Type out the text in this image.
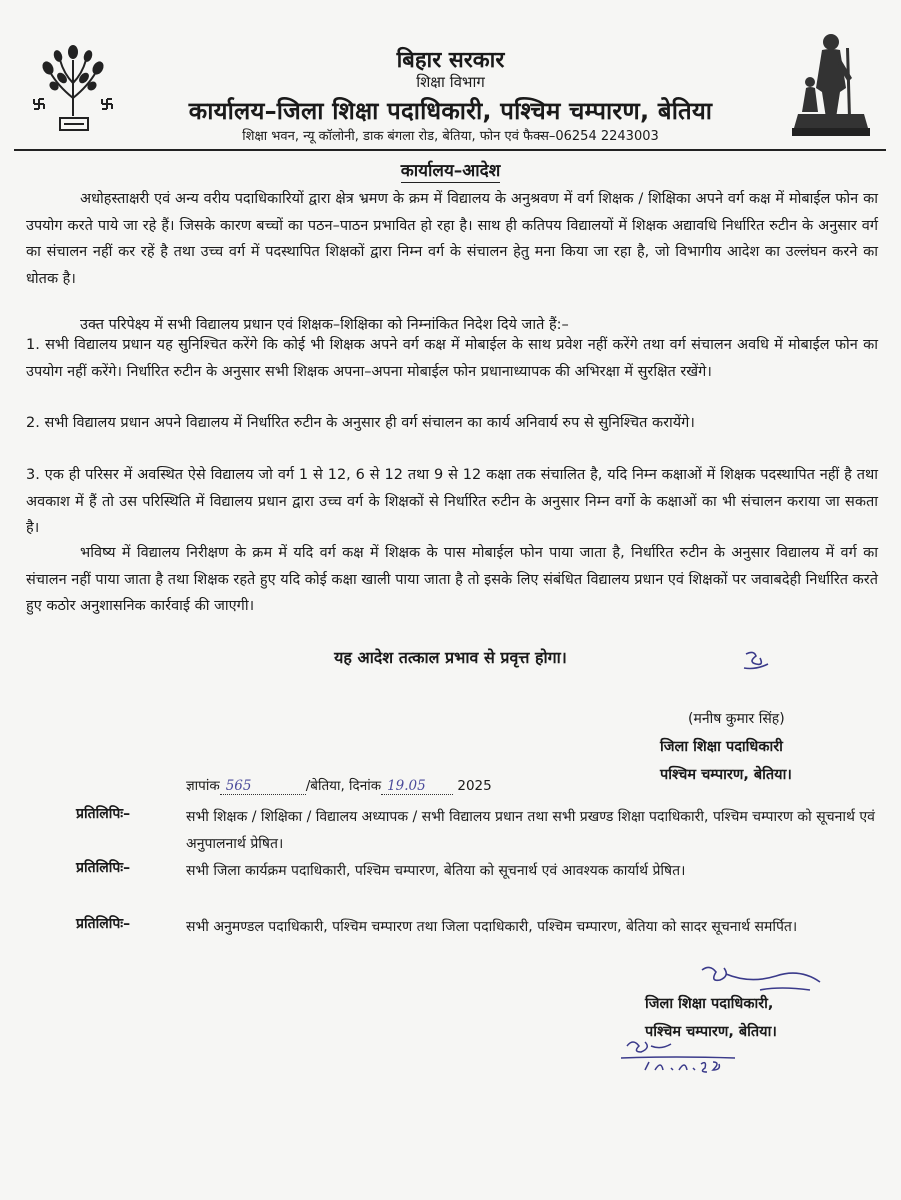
बिहार सरकार
शिक्षा विभाग
कार्यालय–जिला शिक्षा पदाधिकारी, पश्चिम चम्पारण, बेतिया
शिक्षा भवन, न्यू कॉलोनी, डाक बंगला रोड, बेतिया, फोन एवं फैक्स–06254 2243003
कार्यालय–आदेश

अधोहस्ताक्षरी एवं अन्य वरीय पदाधिकारियों द्वारा क्षेत्र भ्रमण के क्रम में विद्यालय के अनुश्रवण में वर्ग शिक्षक / शिक्षिका अपने वर्ग कक्ष में मोबाईल फोन का उपयोग करते पाये जा रहे हैं। जिसके कारण बच्चों का पठन–पाठन प्रभावित हो रहा है। साथ ही कतिपय विद्यालयों में शिक्षक अद्यावधि निर्धारित रुटीन के अनुसार वर्ग का संचालन नहीं कर रहें है तथा उच्च वर्ग में पदस्थापित शिक्षकों द्वारा निम्न वर्ग के संचालन हेतु मना किया जा रहा है, जो विभागीय आदेश का उल्लंघन करने का धोतक है।

उक्त परिपेक्ष्य में सभी विद्यालय प्रधान एवं शिक्षक–शिक्षिका को निम्नांकित निदेश दिये जाते हैं:–

1. सभी विद्यालय प्रधान यह सुनिश्चित करेंगे कि कोई भी शिक्षक अपने वर्ग कक्ष में मोबाईल के साथ प्रवेश नहीं करेंगे तथा वर्ग संचालन अवधि में मोबाईल फोन का उपयोग नहीं करेंगे। निर्धारित रुटीन के अनुसार सभी शिक्षक अपना–अपना मोबाईल फोन प्रधानाध्यापक की अभिरक्षा में सुरक्षित रखेंगे।

2. सभी विद्यालय प्रधान अपने विद्यालय में निर्धारित रुटीन के अनुसार ही वर्ग संचालन का कार्य अनिवार्य रुप से सुनिश्चित करायेंगे।

3. एक ही परिसर में अवस्थित ऐसे विद्यालय जो वर्ग 1 से 12, 6 से 12 तथा 9 से 12 कक्षा तक संचालित है, यदि निम्न कक्षाओं में शिक्षक पदस्थापित नहीं है तथा अवकाश में हैं तो उस परिस्थिति में विद्यालय प्रधान द्वारा उच्च वर्ग के शिक्षकों से निर्धारित रुटीन के अनुसार निम्न वर्गो के कक्षाओं का भी संचालन कराया जा सकता है।

भविष्य में विद्यालय निरीक्षण के क्रम में यदि वर्ग कक्ष में शिक्षक के पास मोबाईल फोन पाया जाता है, निर्धारित रुटीन के अनुसार विद्यालय में वर्ग का संचालन नहीं पाया जाता है तथा शिक्षक रहते हुए यदि कोई कक्षा खाली पाया जाता है तो इसके लिए संबंधित विद्यालय प्रधान एवं शिक्षकों पर जवाबदेही निर्धारित करते हुए कठोर अनुशासनिक कार्रवाई की जाएगी।

यह आदेश तत्काल प्रभाव से प्रवृत्त होगा।
(मनीष कुमार सिंह)
जिला शिक्षा पदाधिकारी
पश्चिम चम्पारण, बेतिया।
ज्ञापांक 565	/बेतिया, दिनांक 19.05 2025
प्रतिलिपिः–	सभी शिक्षक / शिक्षिका / विद्यालय अध्यापक / सभी विद्यालय प्रधान तथा सभी प्रखण्ड शिक्षा पदाधिकारी, पश्चिम चम्पारण को सूचनार्थ एवं अनुपालनार्थ प्रेषित।
प्रतिलिपिः–	सभी जिला कार्यक्रम पदाधिकारी, पश्चिम चम्पारण, बेतिया को सूचनार्थ एवं आवश्यक कार्यार्थ प्रेषित।
प्रतिलिपिः–	सभी अनुमण्डल पदाधिकारी, पश्चिम चम्पारण तथा जिला पदाधिकारी, पश्चिम चम्पारण, बेतिया को सादर सूचनार्थ समर्पित।
जिला शिक्षा पदाधिकारी,
पश्चिम चम्पारण, बेतिया।
